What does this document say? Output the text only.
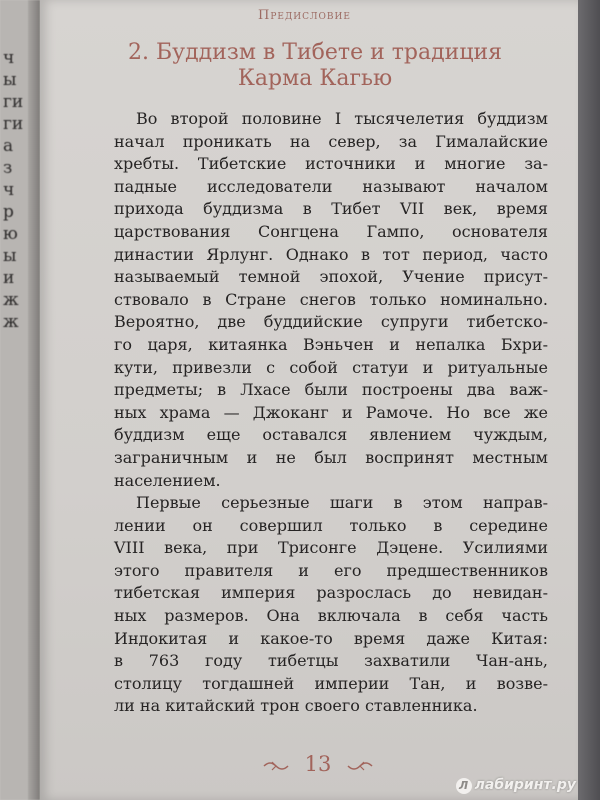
ч
ы
ги
ги
а
з
ч
р
ю
ы
и
ж
ж
Предисловие
2. Буддизм в Тибете и традиция
Карма Кагью
Во второй половине I тысячелетия буддизм
начал проникать на север, за Гималайские
хребты. Тибетские источники и многие за-
падные исследователи называют началом
прихода буддизма в Тибет VII век, время
царствования Сонгцена Гампо, основателя
династии Ярлунг. Однако в тот период, часто
называемый темной эпохой, Учение присут-
ствовало в Стране снегов только номинально.
Вероятно, две буддийские супруги тибетско-
го царя, китаянка Вэньчен и непалка Бхри-
кути, привезли с собой статуи и ритуальные
предметы; в Лхасе были построены два важ-
ных храма — Джоканг и Рамоче. Но все же
буддизм еще оставался явлением чуждым,
заграничным и не был воспринят местным
населением.
Первые серьезные шаги в этом направ-
лении он совершил только в середине
VIII века, при Трисонге Дэцене. Усилиями
этого правителя и его предшественников
тибетская империя разрослась до невидан-
ных размеров. Она включала в себя часть
Индокитая и какое-то время даже Китая:
в 763 году тибетцы захватили Чан-ань,
столицу тогдашней империи Тан, и возве-
ли на китайский трон своего ставленника.
13
Л лабиринт.ру
